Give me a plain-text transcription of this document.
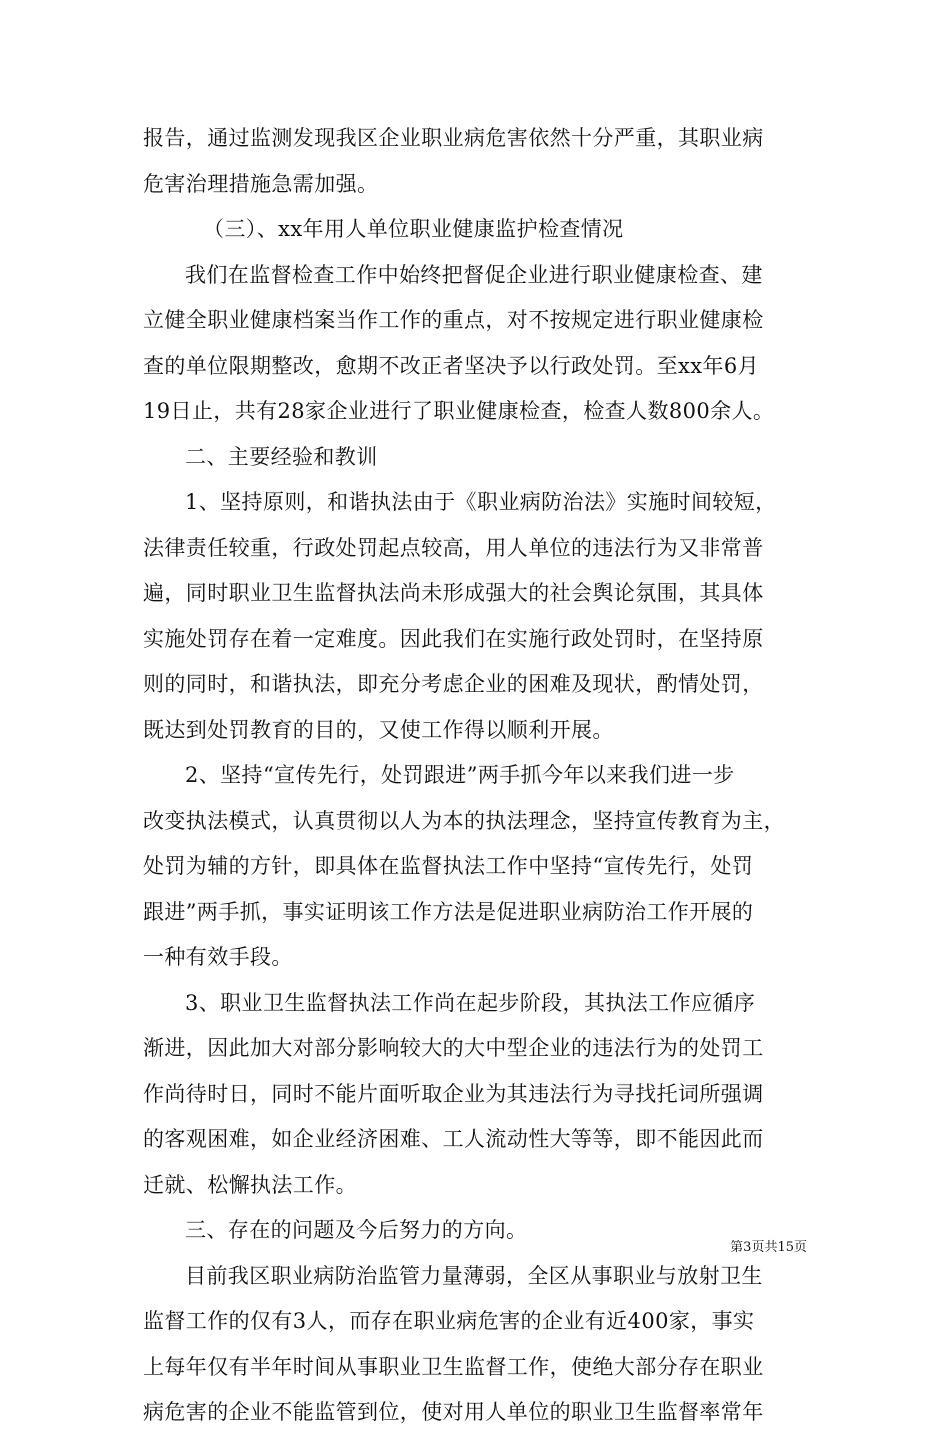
报告，通过监测发现我区企业职业病危害依然十分严重，其职业病
危害治理措施急需加强。
（三）、xx年用人单位职业健康监护检查情况
我们在监督检查工作中始终把督促企业进行职业健康检查、建
立健全职业健康档案当作工作的重点，对不按规定进行职业健康检
查的单位限期整改，愈期不改正者坚决予以行政处罚。至xx年6月
19日止，共有28家企业进行了职业健康检查，检查人数800余人。
二、主要经验和教训
1、坚持原则，和谐执法由于《职业病防治法》实施时间较短，
法律责任较重，行政处罚起点较高，用人单位的违法行为又非常普
遍，同时职业卫生监督执法尚未形成强大的社会舆论氛围，其具体
实施处罚存在着一定难度。因此我们在实施行政处罚时，在坚持原
则的同时，和谐执法，即充分考虑企业的困难及现状，酌情处罚，
既达到处罚教育的目的，又使工作得以顺利开展。
2、坚持“宣传先行，处罚跟进”两手抓今年以来我们进一步
改变执法模式，认真贯彻以人为本的执法理念，坚持宣传教育为主，
处罚为辅的方针，即具体在监督执法工作中坚持“宣传先行，处罚
跟进”两手抓，事实证明该工作方法是促进职业病防治工作开展的
一种有效手段。
3、职业卫生监督执法工作尚在起步阶段，其执法工作应循序
渐进，因此加大对部分影响较大的大中型企业的违法行为的处罚工
作尚待时日，同时不能片面听取企业为其违法行为寻找托词所强调
的客观困难，如企业经济困难、工人流动性大等等，即不能因此而
迁就、松懈执法工作。
三、存在的问题及今后努力的方向。
目前我区职业病防治监管力量薄弱，全区从事职业与放射卫生
监督工作的仅有3人，而存在职业病危害的企业有近400家，事实
上每年仅有半年时间从事职业卫生监督工作，使绝大部分存在职业
病危害的企业不能监管到位，使对用人单位的职业卫生监督率常年
第3页共15页
